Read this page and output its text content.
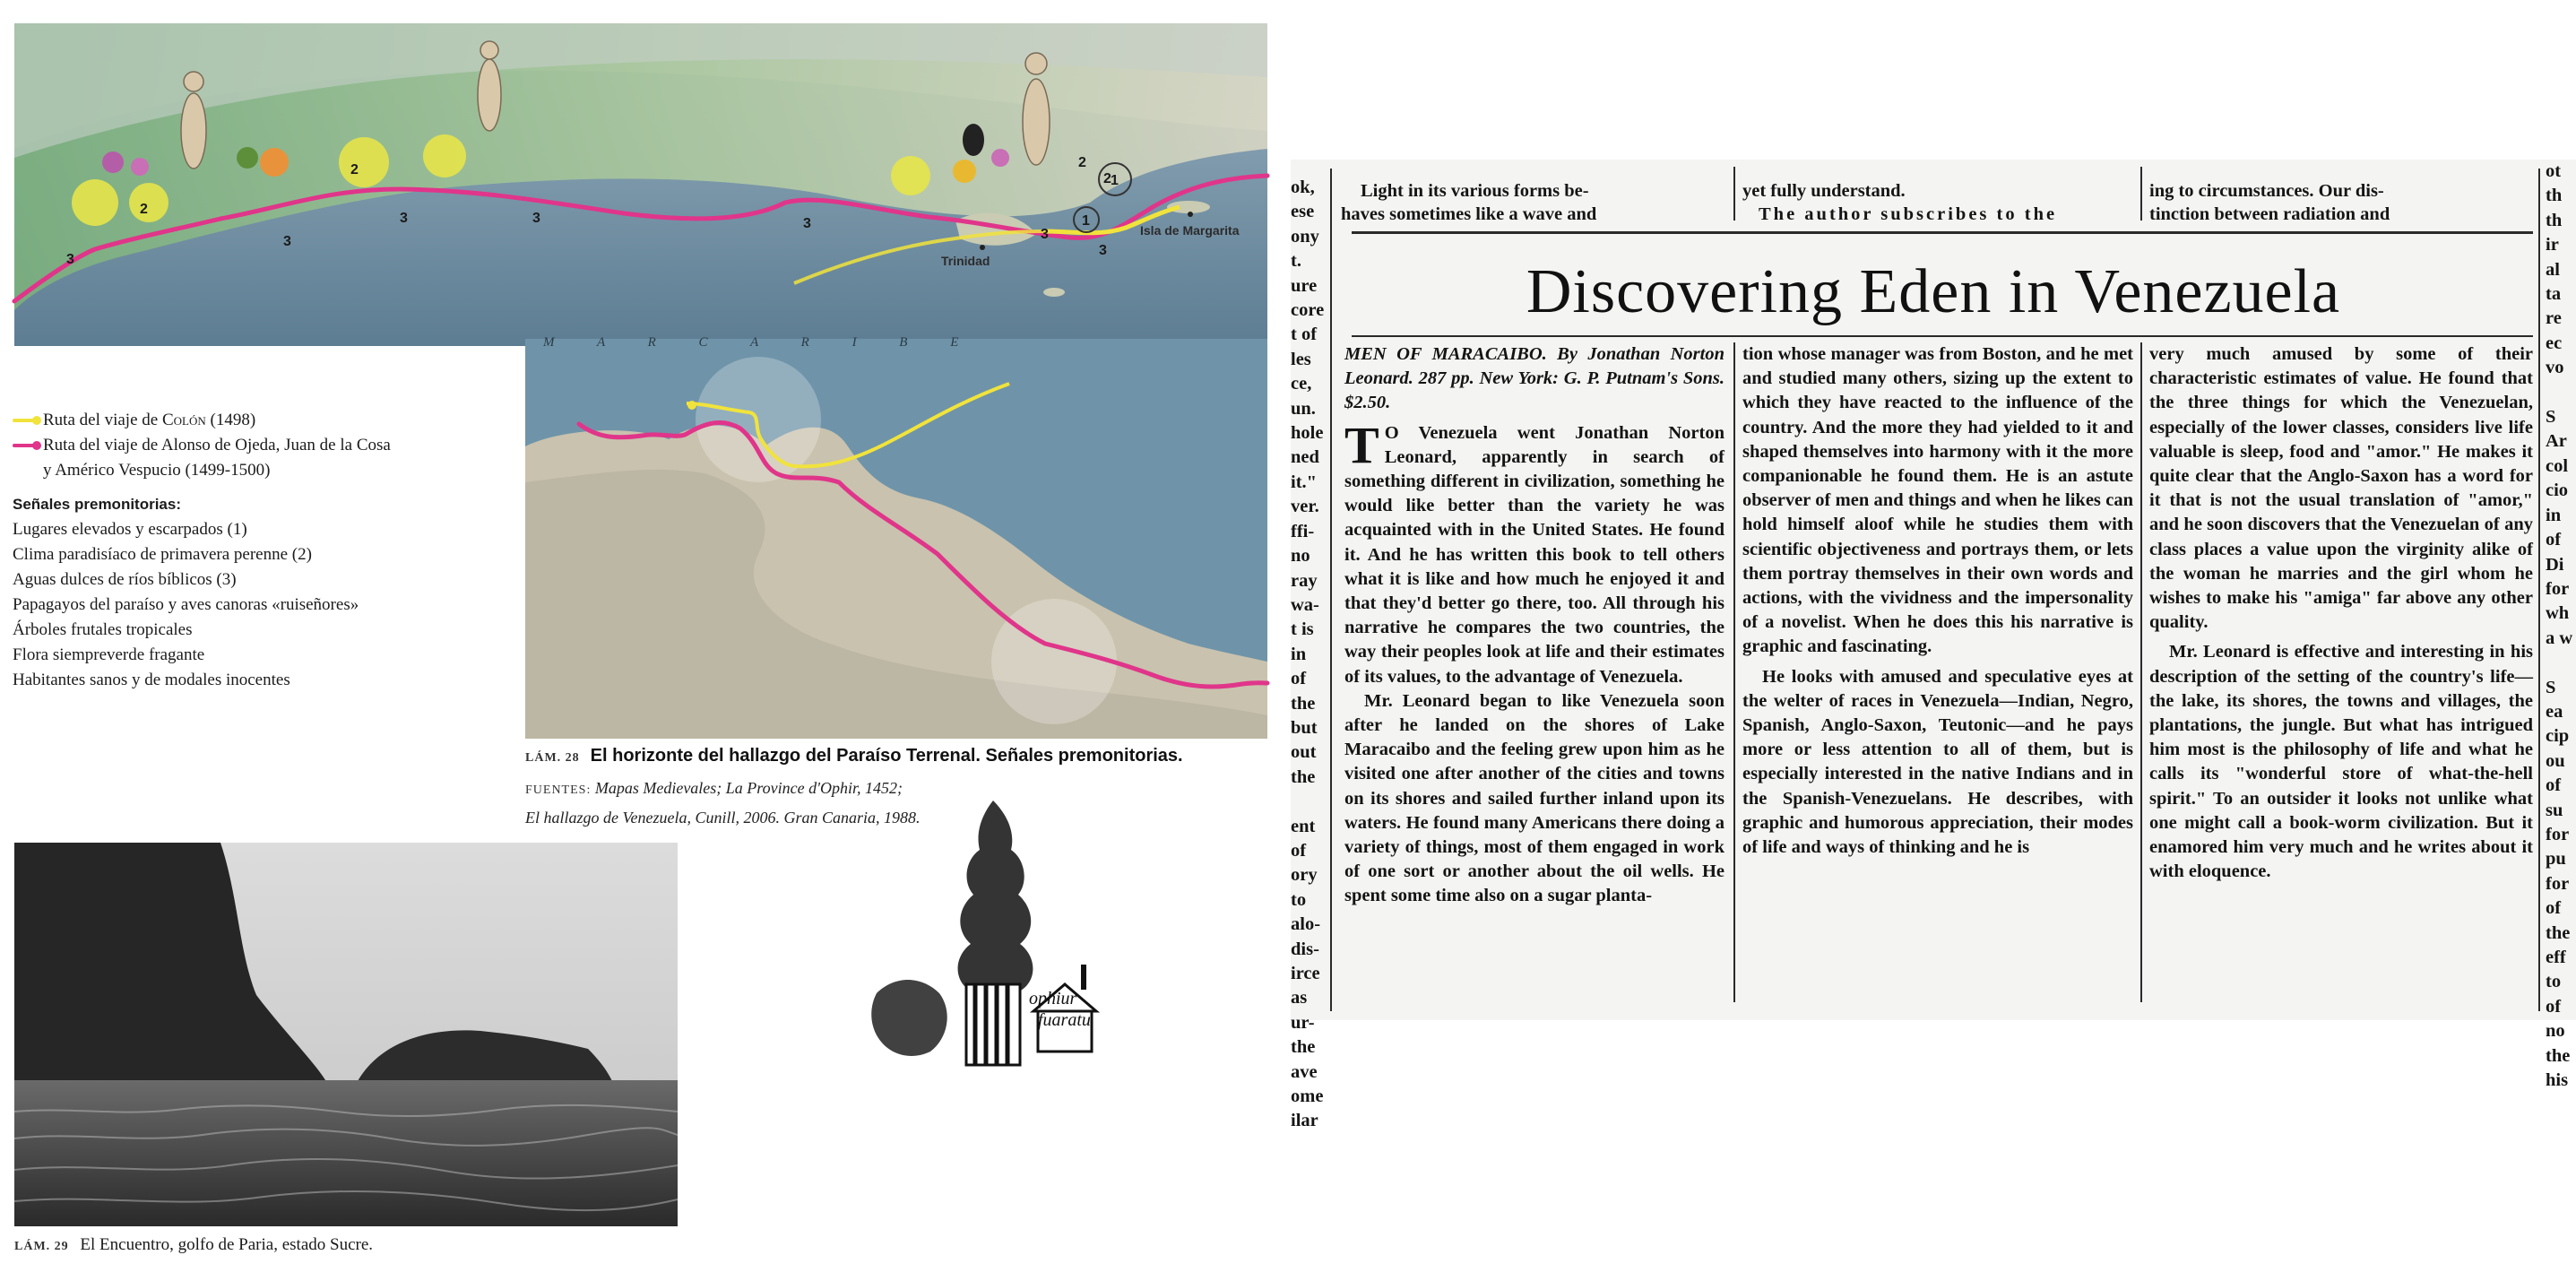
3
3
3	3	3
3
3
2
2	2
2 1
1
Trinidad
Isla de Margarita
M A R C A R I B E
Ruta del viaje de Colón (1498)
Ruta del viaje de Alonso de Ojeda, Juan de la Cosa
y Américo Vespucio (1499-1500)
Señales premonitorias:

Lugares elevados y escarpados (1)

Clima paradisíaco de primavera perenne (2)

Aguas dulces de ríos bíblicos (3)

Papagayos del paraíso y aves canoras «ruiseñores»

Árboles frutales tropicales

Flora siempreverde fragante

Habitantes sanos y de modales inocentes

LÁM. 28 El horizonte del hallazgo del Paraíso Terrenal. Señales premonitorias.
FUENTES: Mapas Medievales; La Province d'Ophir, 1452;
El hallazgo de Venezuela, Cunill, 2006. Gran Canaria, 1988.
ophiur
fuaratu
LÁM. 29 El Encuentro, golfo de Paria, estado Sucre.
ok,
ese
ony
t.
ure
core
t of
les
ce,
un.
hole
ned
it."
ver.
ffi-
no
ray
wa-
t is
in
of
the
but
out
the

ent
of
ory
to
alo-
dis-
irce
as
ur-
the
ave
ome
ilar
ot
th
th
ir
al
ta
re
ec
vo

S
Ar
col
cio
in
of
Di
for
wh
a w

S
ea
cip
ou
of
su
for
pu
for
of
the
eff
to
of
no
the
his
Light in its various forms be-
haves sometimes like a wave and
yet fully understand.
The author subscribes to the
ing to circumstances. Our dis-
tinction between radiation and
Discovering Eden in Venezuela

MEN OF MARACAIBO. By Jonathan Norton Leonard. 287 pp. New York: G. P. Putnam's Sons. $2.50.

T O Venezuela went Jonathan Norton Leonard, apparently in search of something different in civilization, something he would like better than the variety he was acquainted with in the United States. He found it. And he has written this book to tell others what it is like and how much he enjoyed it and that they'd better go there, too. All through his narrative he compares the two countries, the way their peoples look at life and their estimates of its values, to the advantage of Venezuela.

Mr. Leonard began to like Venezuela soon after he landed on the shores of Lake Maracaibo and the feeling grew upon him as he visited one after another of the cities and towns on its shores and sailed further inland upon its waters. He found many Americans there doing a variety of things, most of them engaged in work of one sort or another about the oil wells. He spent some time also on a sugar planta-

tion whose manager was from Boston, and he met and studied many others, sizing up the extent to which they have reacted to the influence of the country. And the more they had yielded to it and shaped themselves into harmony with it the more companionable he found them. He is an astute observer of men and things and when he likes can hold himself aloof while he studies them with scientific objectiveness and portrays them, or lets them portray themselves in their own words and actions, with the vividness and the impersonality of a novelist. When he does this his narrative is graphic and fascinating.

He looks with amused and speculative eyes at the welter of races in Venezuela—Indian, Negro, Spanish, Anglo-Saxon, Teutonic—and he pays more or less attention to all of them, but is especially interested in the native Indians and in the Spanish-Venezuelans. He describes, with graphic and humorous appreciation, their modes of life and ways of thinking and he is

very much amused by some of their characteristic estimates of value. He found that the three things for which the Venezuelan, especially of the lower classes, considers live life valuable is sleep, food and "amor." He makes it quite clear that the Anglo-Saxon has a word for it that is not the usual translation of "amor," and he soon discovers that the Venezuelan of any class places a value upon the virginity alike of the woman he marries and the girl whom he wishes to make his "amiga" far above any other quality.

Mr. Leonard is effective and interesting in his description of the setting of the country's life—the lake, its shores, the towns and villages, the plantations, the jungle. But what has intrigued him most is the philosophy of life and what he calls its "wonderful store of what-the-hell spirit." To an outsider it looks not unlike what one might call a book-worm civilization. But it enamored him very much and he writes about it with eloquence.
